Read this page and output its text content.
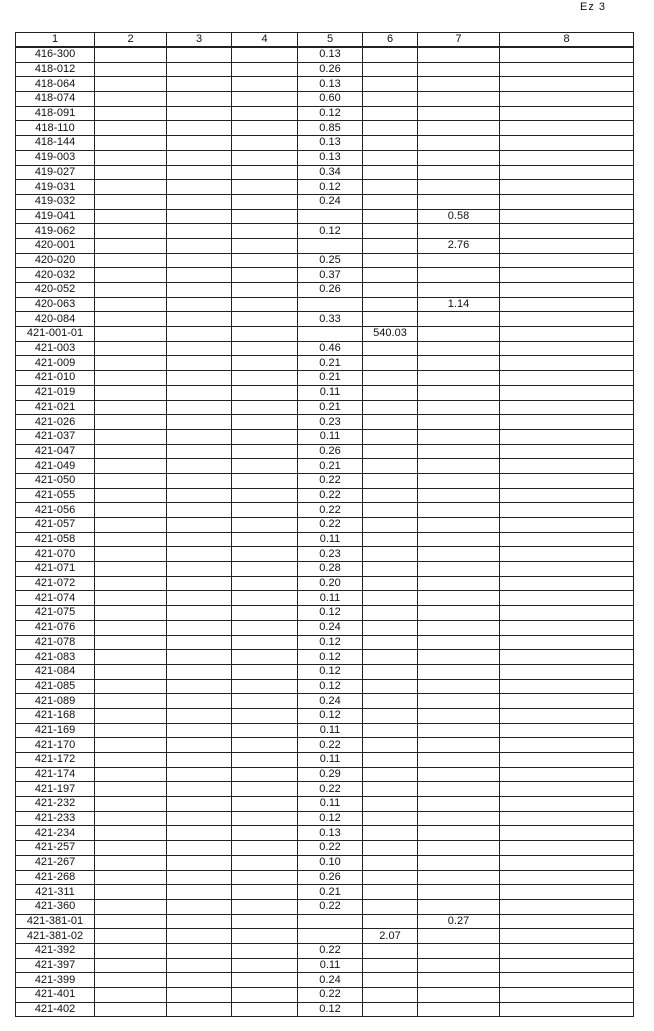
Ez 3
1	2	3	4	5	6	7	8
416-300				0.13			
418-012				0.26			
418-064				0.13			
418-074				0.60			
418-091				0.12			
418-110				0.85			
418-144				0.13			
419-003				0.13			
419-027				0.34			
419-031				0.12			
419-032				0.24			
419-041						0.58	
419-062				0.12			
420-001						2.76	
420-020				0.25			
420-032				0.37			
420-052				0.26			
420-063						1.14	
420-084				0.33			
421-001-01					540.03		
421-003				0.46			
421-009				0.21			
421-010				0.21			
421-019				0.11			
421-021				0.21			
421-026				0.23			
421-037				0.11			
421-047				0.26			
421-049				0.21			
421-050				0.22			
421-055				0.22			
421-056				0.22			
421-057				0.22			
421-058				0.11			
421-070				0.23			
421-071				0.28			
421-072				0.20			
421-074				0.11			
421-075				0.12			
421-076				0.24			
421-078				0.12			
421-083				0.12			
421-084				0.12			
421-085				0.12			
421-089				0.24			
421-168				0.12			
421-169				0.11			
421-170				0.22			
421-172				0.11			
421-174				0.29			
421-197				0.22			
421-232				0.11			
421-233				0.12			
421-234				0.13			
421-257				0.22			
421-267				0.10			
421-268				0.26			
421-311				0.21			
421-360				0.22			
421-381-01						0.27	
421-381-02					2.07		
421-392				0.22			
421-397				0.11			
421-399				0.24			
421-401				0.22			
421-402				0.12			
